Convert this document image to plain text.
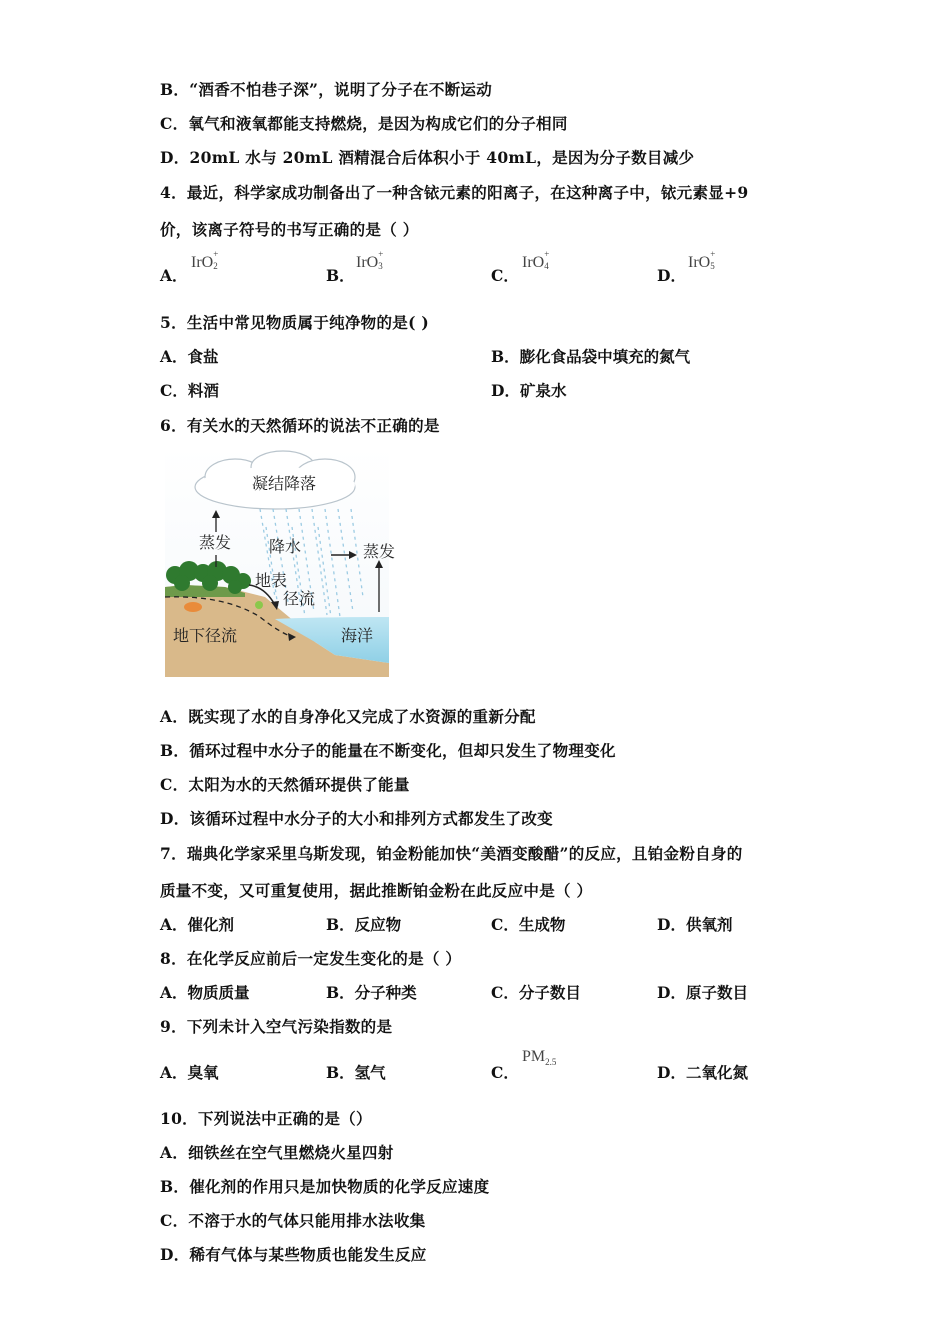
B．“酒香不怕巷子深”，说明了分子在不断运动
C．氧气和液氧都能支持燃烧，是因为构成它们的分子相同
D．20mL 水与 20mL 酒精混合后体积小于 40mL，是因为分子数目减少
4．最近，科学家成功制备出了一种含铱元素的阳离子，在这种离子中，铱元素显+9
价，该离子符号的书写正确的是（ ）
A．
IrO +
2	B．
IrO +
3	C．
IrO +
4	D．
IrO +
5
5．生活中常见物质属于纯净物的是( )
A．食盐	B．膨化食品袋中填充的氮气
C．料酒	D．矿泉水
6．有关水的天然循环的说法不正确的是
凝结降落
蒸发 降水	蒸发
地表
径流
地下径流	海洋
A．既实现了水的自身净化又完成了水资源的重新分配
B．循环过程中水分子的能量在不断变化，但却只发生了物理变化
C．太阳为水的天然循环提供了能量
D．该循环过程中水分子的大小和排列方式都发生了改变
7．瑞典化学家采里乌斯发现，铂金粉能加快“美酒变酸醋”的反应，且铂金粉自身的
质量不变，又可重复使用，据此推断铂金粉在此反应中是（ ）
A．催化剂	B．反应物	C．生成物	D．供氧剂
8．在化学反应前后一定发生变化的是（ ）
A．物质质量	B．分子种类	C．分子数目	D．原子数目
9．下列未计入空气污染指数的是
A．臭氧	B．氢气	C．
$PM_{2.5}$
D．二氧化氮
10．下列说法中正确的是（）
A．细铁丝在空气里燃烧火星四射
B．催化剂的作用只是加快物质的化学反应速度
C．不溶于水的气体只能用排水法收集
D．稀有气体与某些物质也能发生反应
